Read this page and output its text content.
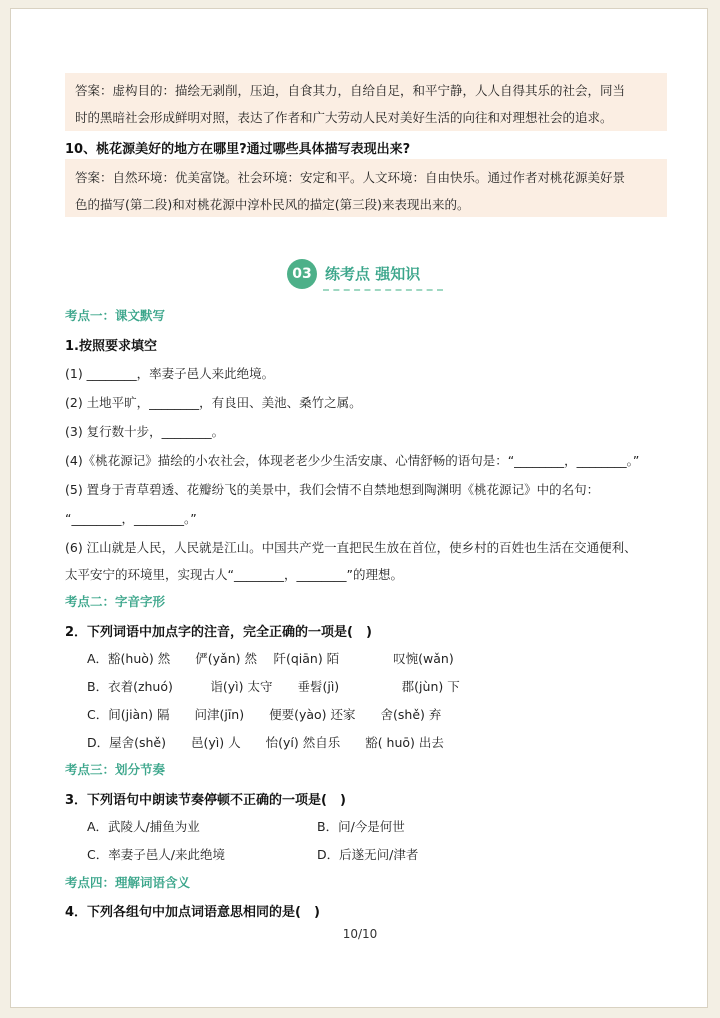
答案：虚构目的：描绘无剥削，压迫，自食其力，自给自足，和平宁静，人人自得其乐的社会，同当
时的黑暗社会形成鲜明对照，表达了作者和广大劳动人民对美好生活的向往和对理想社会的追求。
10、桃花源美好的地方在哪里?通过哪些具体描写表现出来?
答案：自然环境：优美富饶。社会环境：安定和平。人文环境：自由快乐。通过作者对桃花源美好景
色的描写(第二段)和对桃花源中淳朴民风的描定(第三段)来表现出来的。
03 练考点 强知识
考点一：课文默写
1.按照要求填空
(1) ________，率妻子邑人来此绝境。
(2) 土地平旷，________，有良田、美池、桑竹之属。
(3) 复行数十步，________。
(4)《桃花源记》描绘的小农社会，体现老老少少生活安康、心情舒畅的语句是：“________，________。”
(5) 置身于青草碧透、花瓣纷飞的美景中，我们会情不自禁地想到陶渊明《桃花源记》中的名句：
“________，________。”
(6) 江山就是人民，人民就是江山。中国共产党一直把民生放在首位，使乡村的百姓也生活在交通便利、
太平安宁的环境里，实现古人“________，________”的理想。
考点二：字音字形
2．下列词语中加点字的注音，完全正确的一项是(　)
A．豁(huò) 然　　俨(yǎn) 然　 阡(qiān) 陌　　　　 叹惋(wǎn)
B．衣着(zhuó)　　　诣(yì) 太守　　垂髫(jì)　　　　　郡(jùn) 下
C．间(jiàn) 隔　　问津(jīn)　　便要(yào) 还家　　舍(shě) 弃
D．屋舍(shě)　　邑(yì) 人　　怡(yí) 然自乐　　豁( huō) 出去
考点三：划分节奏
3．下列语句中朗读节奏停顿不正确的一项是(　)
A．武陵人/捕鱼为业	B．问/今是何世
C．率妻子邑人/来此绝境	D．后遂无问/津者
考点四：理解词语含义
4．下列各组句中加点词语意思相同的是(　)
10/10
